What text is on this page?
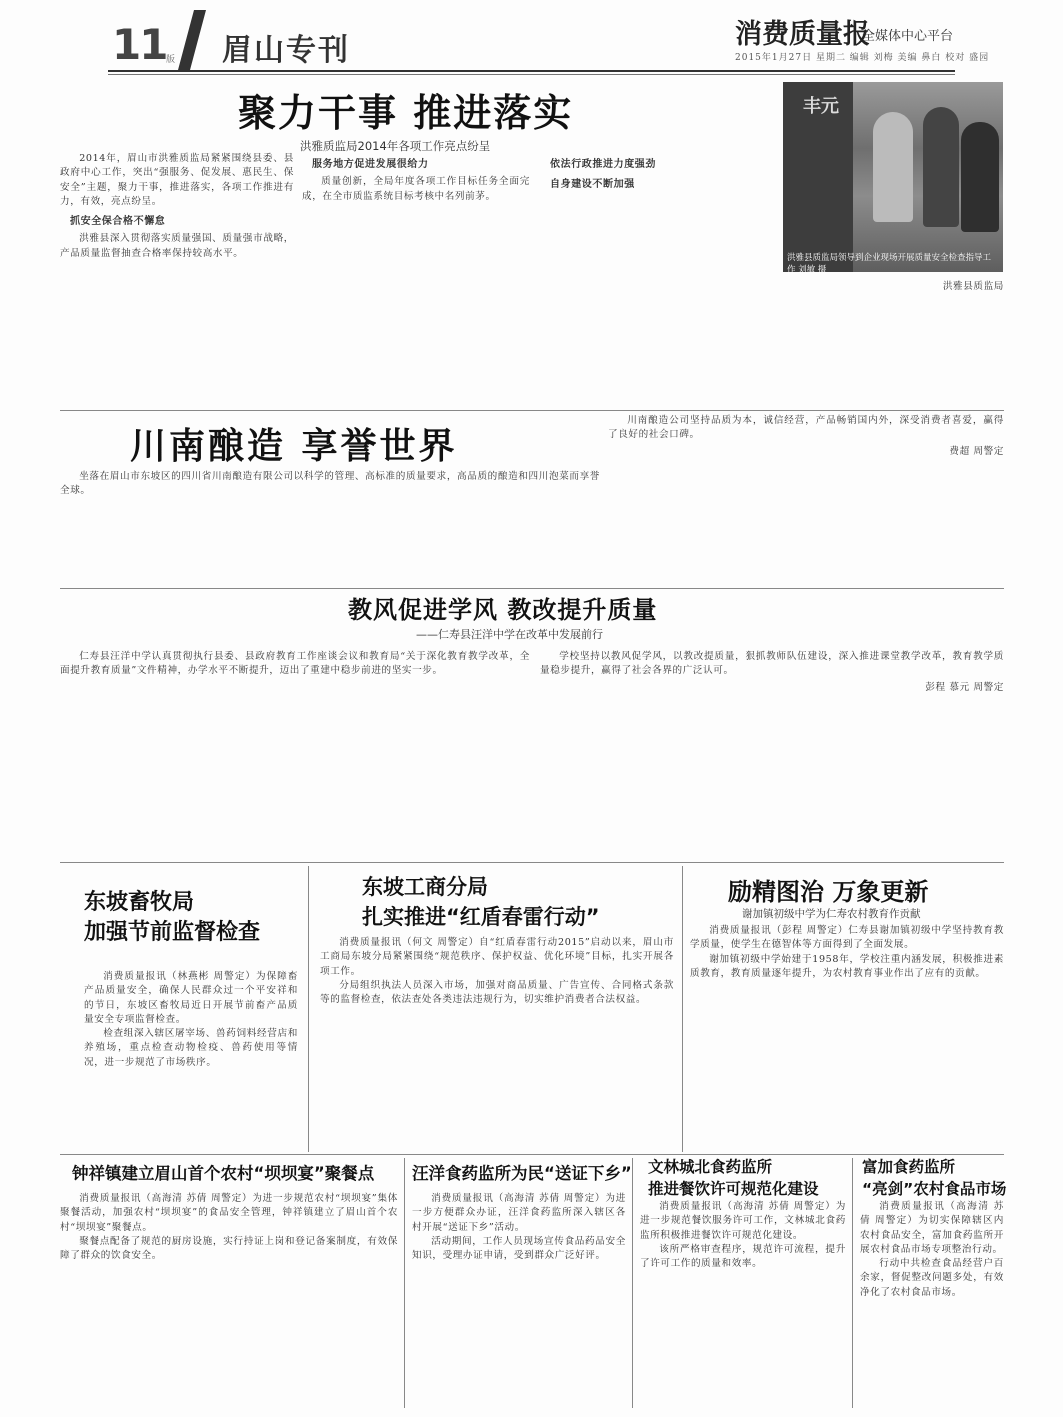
11 版 眉山专刊	消费质量报
全媒体中心平台
2015年1月27日 星期二 编辑 刘梅 美编 鼻白 校对 盛园
聚力干事 推进落实
洪雅质监局2014年各项工作亮点纷呈

2014年，眉山市洪雅质监局紧紧围绕县委、县政府中心工作，突出“强服务、促发展、惠民生、保安全”主题，聚力干事，推进落实，各项工作推进有力，有效，亮点纷呈。

抓安全保合格不懈怠

洪雅县深入贯彻落实质量强国、质量强市战略，产品质量监督抽查合格率保持较高水平。

服务地方促进发展很给力

质量创新，全局年度各项工作目标任务全面完成，在全市质监系统目标考核中名列前茅。

依法行政推进力度强劲
自身建设不断加强
洪雅县质监局
丰元
洪雅县质监局领导到企业现场开展质量安全检查指导工作 刘敏 摄
川南酿造 享誉世界

坐落在眉山市东坡区的四川省川南酿造有限公司以科学的管理、高标准的质量要求，高品质的酿造和四川泡菜而享誉全球。

川南酿造公司坚持品质为本，诚信经营，产品畅销国内外，深受消费者喜爱，赢得了良好的社会口碑。

费超 周警定
教风促进学风 教改提升质量
——仁寿县汪洋中学在改革中发展前行

仁寿县汪洋中学认真贯彻执行县委、县政府教育工作座谈会议和教育局“关于深化教育教学改革，全面提升教育质量”文件精神，办学水平不断提升，迈出了重建中稳步前进的坚实一步。

学校坚持以教风促学风，以教改提质量，狠抓教师队伍建设，深入推进课堂教学改革，教育教学质量稳步提升，赢得了社会各界的广泛认可。

彭程 慕元 周警定
东坡畜牧局
加强节前监督检查

消费质量报讯（林燕彬 周警定）为保障畜产品质量安全，确保人民群众过一个平安祥和的节日，东坡区畜牧局近日开展节前畜产品质量安全专项监督检查。

检查组深入辖区屠宰场、兽药饲料经营店和养殖场，重点检查动物检疫、兽药使用等情况，进一步规范了市场秩序。

东坡工商分局
扎实推进“红盾春雷行动”

消费质量报讯（何文 周警定）自“红盾春雷行动2015”启动以来，眉山市工商局东坡分局紧紧围绕“规范秩序、保护权益、优化环境”目标，扎实开展各项工作。

分局组织执法人员深入市场，加强对商品质量、广告宣传、合同格式条款等的监督检查，依法查处各类违法违规行为，切实维护消费者合法权益。

励精图治 万象更新
谢加镇初级中学为仁寿农村教育作贡献

消费质量报讯（彭程 周警定）仁寿县谢加镇初级中学坚持教育教学质量，使学生在德智体等方面得到了全面发展。

谢加镇初级中学始建于1958年，学校注重内涵发展，积极推进素质教育，教育质量逐年提升，为农村教育事业作出了应有的贡献。

钟祥镇建立眉山首个农村“坝坝宴”聚餐点

消费质量报讯（高海清 苏倩 周警定）为进一步规范农村“坝坝宴”集体聚餐活动，加强农村“坝坝宴”的食品安全管理，钟祥镇建立了眉山首个农村“坝坝宴”聚餐点。

聚餐点配备了规范的厨房设施，实行持证上岗和登记备案制度，有效保障了群众的饮食安全。

汪洋食药监所为民“送证下乡”

消费质量报讯（高海清 苏倩 周警定）为进一步方便群众办证，汪洋食药监所深入辖区各村开展“送证下乡”活动。

活动期间，工作人员现场宣传食品药品安全知识，受理办证申请，受到群众广泛好评。

文林城北食药监所
推进餐饮许可规范化建设

消费质量报讯（高海清 苏倩 周警定）为进一步规范餐饮服务许可工作，文林城北食药监所积极推进餐饮许可规范化建设。

该所严格审查程序，规范许可流程，提升了许可工作的质量和效率。

富加食药监所
“亮剑”农村食品市场

消费质量报讯（高海清 苏倩 周警定）为切实保障辖区内农村食品安全，富加食药监所开展农村食品市场专项整治行动。

行动中共检查食品经营户百余家，督促整改问题多处，有效净化了农村食品市场。
